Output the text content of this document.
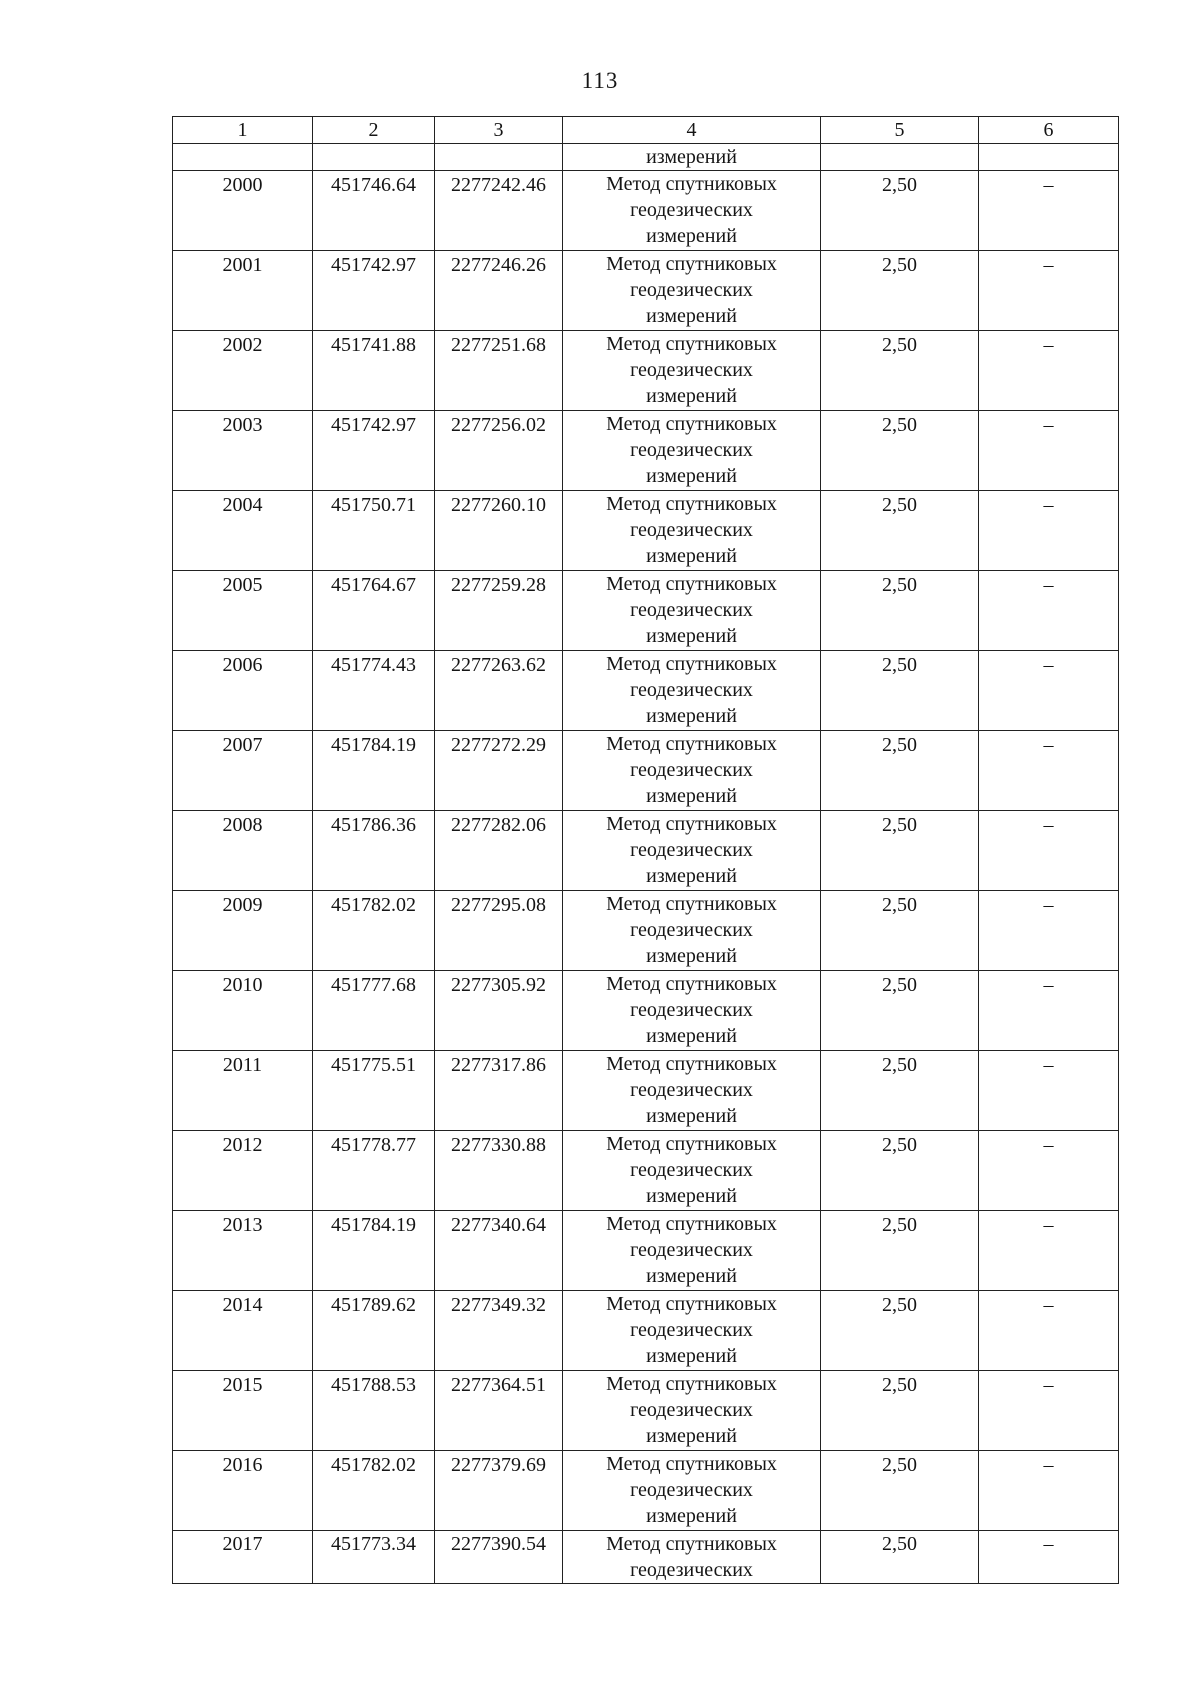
113
1	2	3	4	5	6
			измерений		
2000	451746.64	2277242.46	Метод спутниковых
геодезических
измерений	2,50	–
2001	451742.97	2277246.26	Метод спутниковых
геодезических
измерений	2,50	–
2002	451741.88	2277251.68	Метод спутниковых
геодезических
измерений	2,50	–
2003	451742.97	2277256.02	Метод спутниковых
геодезических
измерений	2,50	–
2004	451750.71	2277260.10	Метод спутниковых
геодезических
измерений	2,50	–
2005	451764.67	2277259.28	Метод спутниковых
геодезических
измерений	2,50	–
2006	451774.43	2277263.62	Метод спутниковых
геодезических
измерений	2,50	–
2007	451784.19	2277272.29	Метод спутниковых
геодезических
измерений	2,50	–
2008	451786.36	2277282.06	Метод спутниковых
геодезических
измерений	2,50	–
2009	451782.02	2277295.08	Метод спутниковых
геодезических
измерений	2,50	–
2010	451777.68	2277305.92	Метод спутниковых
геодезических
измерений	2,50	–
2011	451775.51	2277317.86	Метод спутниковых
геодезических
измерений	2,50	–
2012	451778.77	2277330.88	Метод спутниковых
геодезических
измерений	2,50	–
2013	451784.19	2277340.64	Метод спутниковых
геодезических
измерений	2,50	–
2014	451789.62	2277349.32	Метод спутниковых
геодезических
измерений	2,50	–
2015	451788.53	2277364.51	Метод спутниковых
геодезических
измерений	2,50	–
2016	451782.02	2277379.69	Метод спутниковых
геодезических
измерений	2,50	–
2017	451773.34	2277390.54	Метод спутниковых
геодезических	2,50	–
